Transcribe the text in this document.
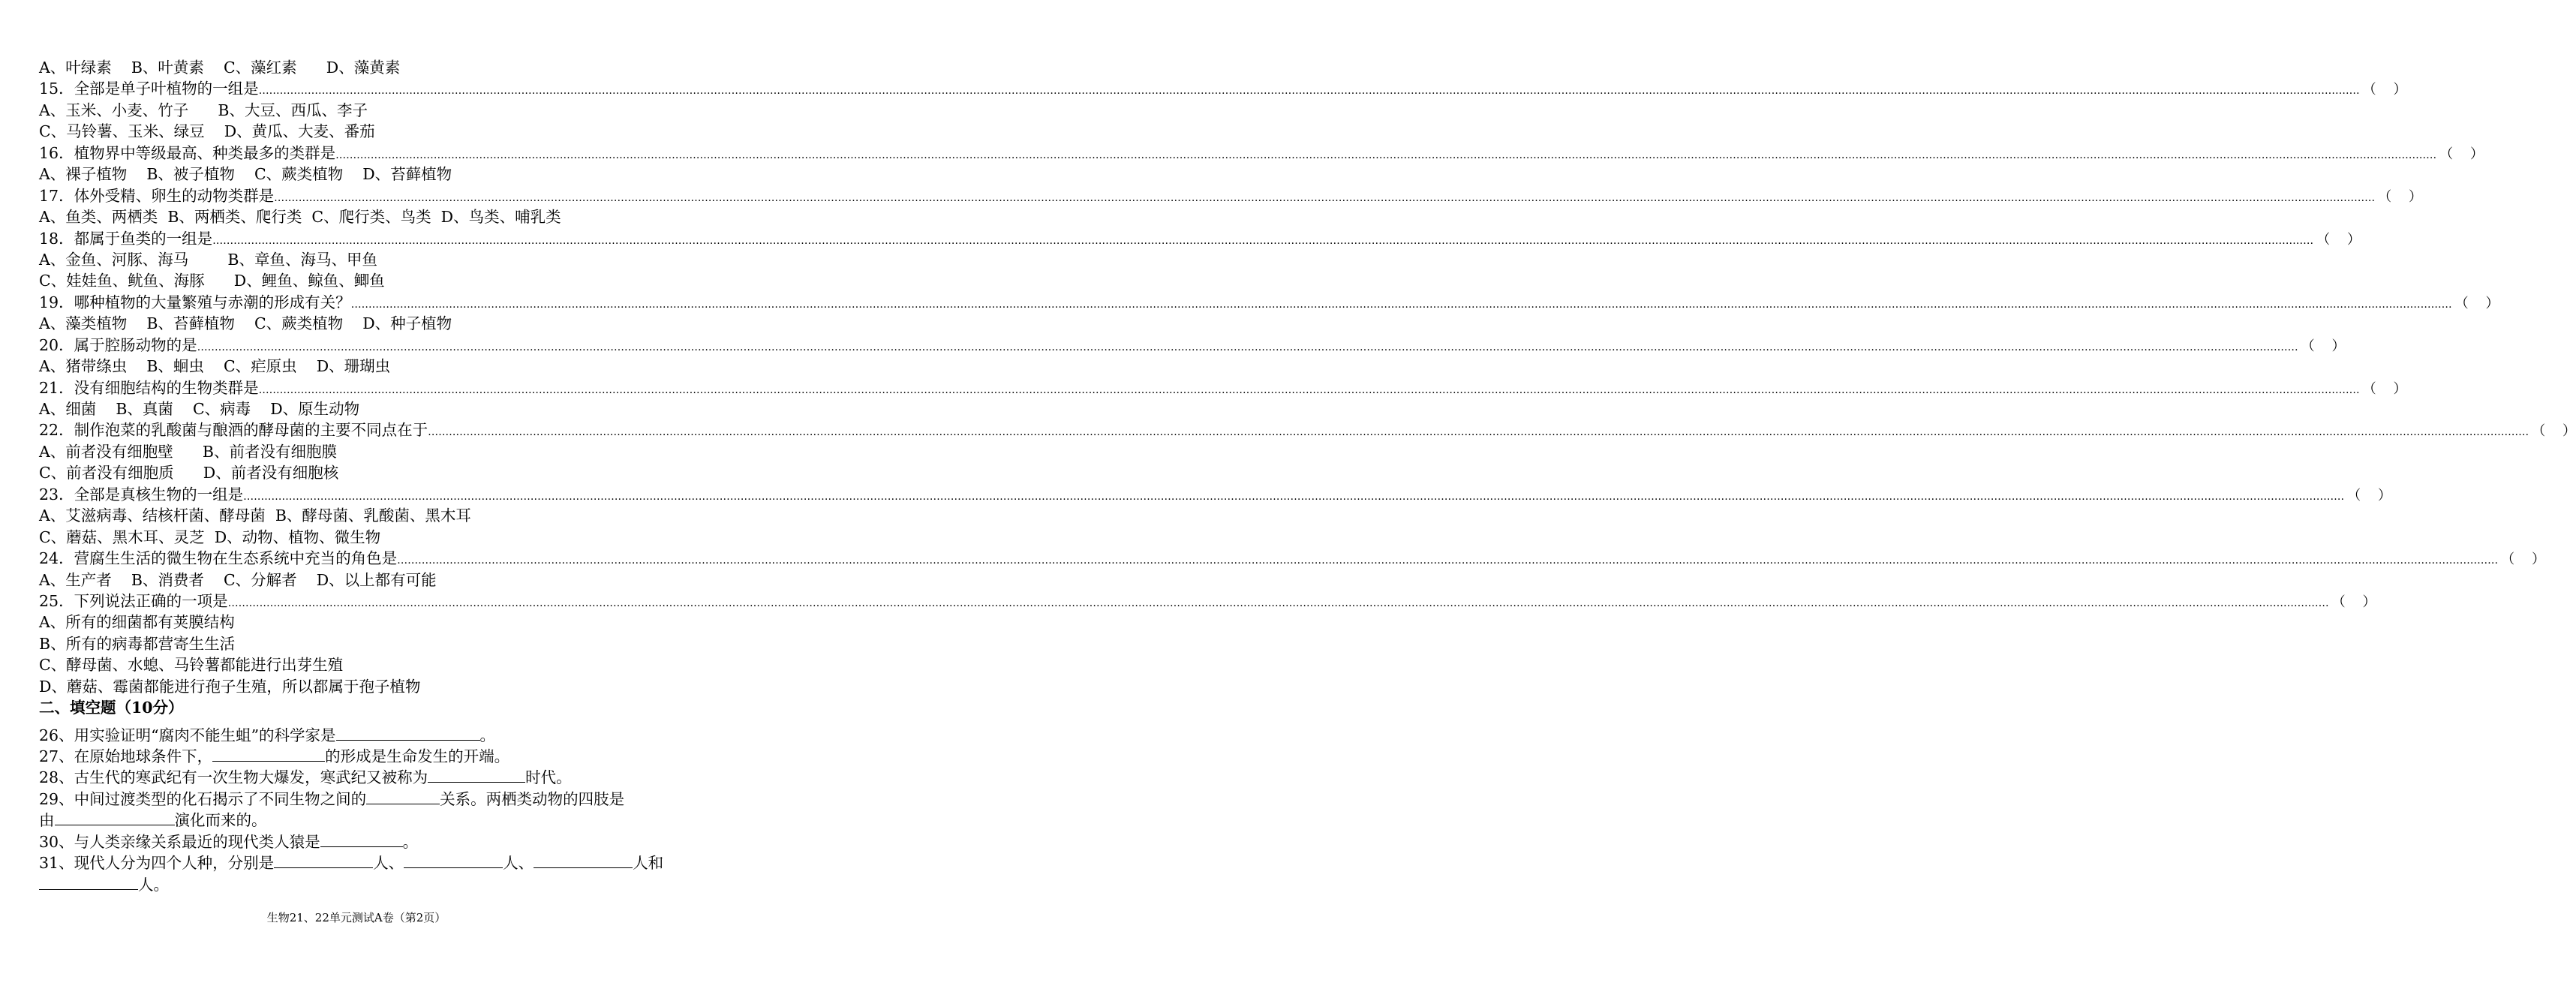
A、叶绿素    B、叶黄素    C、藻红素      D、藻黄素
15．全部是单子叶植物的一组是 …………………………………………………………………………………………………………………………………………………………………………………………………………………………………………………………………………………………………………………………………………………………………………………………………………………………………………………………………………………………………………………………………………………… （    ）
A、玉米、小麦、竹子      B、大豆、西瓜、李子
C、马铃薯、玉米、绿豆    D、黄瓜、大麦、番茄
16．植物界中等级最高、种类最多的类群是 …………………………………………………………………………………………………………………………………………………………………………………………………………………………………………………………………………………………………………………………………………………………………………………………………………………………………………………………………………………………………………………………………………………… （    ）
A、裸子植物    B、被子植物    C、蕨类植物    D、苔藓植物
17．体外受精、卵生的动物类群是 …………………………………………………………………………………………………………………………………………………………………………………………………………………………………………………………………………………………………………………………………………………………………………………………………………………………………………………………………………………………………………………………………………………… （    ）
A、鱼类、两栖类  B、两栖类、爬行类  C、爬行类、鸟类  D、鸟类、哺乳类
18．都属于鱼类的一组是 …………………………………………………………………………………………………………………………………………………………………………………………………………………………………………………………………………………………………………………………………………………………………………………………………………………………………………………………………………………………………………………………………………………… （    ）
A、金鱼、河豚、海马        B、章鱼、海马、甲鱼
C、娃娃鱼、鱿鱼、海豚      D、鲤鱼、鲸鱼、鲫鱼
19．哪种植物的大量繁殖与赤潮的形成有关？ …………………………………………………………………………………………………………………………………………………………………………………………………………………………………………………………………………………………………………………………………………………………………………………………………………………………………………………………………………………………………………………………………………………… （    ）
A、藻类植物    B、苔藓植物    C、蕨类植物    D、种子植物
20．属于腔肠动物的是 …………………………………………………………………………………………………………………………………………………………………………………………………………………………………………………………………………………………………………………………………………………………………………………………………………………………………………………………………………………………………………………………………………………… （    ）
A、猪带绦虫    B、蛔虫    C、疟原虫    D、珊瑚虫
21．没有细胞结构的生物类群是 …………………………………………………………………………………………………………………………………………………………………………………………………………………………………………………………………………………………………………………………………………………………………………………………………………………………………………………………………………………………………………………………………………………… （    ）
A、细菌    B、真菌    C、病毒    D、原生动物
22．制作泡菜的乳酸菌与酿酒的酵母菌的主要不同点在于 …………………………………………………………………………………………………………………………………………………………………………………………………………………………………………………………………………………………………………………………………………………………………………………………………………………………………………………………………………………………………………………………………………………… （    ）
A、前者没有细胞壁      B、前者没有细胞膜
C、前者没有细胞质      D、前者没有细胞核
23．全部是真核生物的一组是 …………………………………………………………………………………………………………………………………………………………………………………………………………………………………………………………………………………………………………………………………………………………………………………………………………………………………………………………………………………………………………………………………………………… （    ）
A、艾滋病毒、结核杆菌、酵母菌  B、酵母菌、乳酸菌、黑木耳
C、蘑菇、黑木耳、灵芝  D、动物、植物、微生物
24．营腐生生活的微生物在生态系统中充当的角色是 …………………………………………………………………………………………………………………………………………………………………………………………………………………………………………………………………………………………………………………………………………………………………………………………………………………………………………………………………………………………………………………………………………………… （    ）
A、生产者    B、消费者    C、分解者    D、以上都有可能
25．下列说法正确的一项是 …………………………………………………………………………………………………………………………………………………………………………………………………………………………………………………………………………………………………………………………………………………………………………………………………………………………………………………………………………………………………………………………………………………… （    ）
A、所有的细菌都有荚膜结构
B、所有的病毒都营寄生生活
C、酵母菌、水螅、马铃薯都能进行出芽生殖
D、蘑菇、霉菌都能进行孢子生殖，所以都属于孢子植物
二、填空题（10分）
26、用实验证明“腐肉不能生蛆”的科学家是	。
27、在原始地球条件下，	的形成是生命发生的开端。
28、古生代的寒武纪有一次生物大爆发，寒武纪又被称为	时代。
29、中间过渡类型的化石揭示了不同生物之间的	关系。两栖类动物的四肢是
由	演化而来的。
30、与人类亲缘关系最近的现代类人猿是	。
31、现代人分为四个人种，分别是	人、	人、	人和
人。
生物21、22单元测试A卷（第2页）
